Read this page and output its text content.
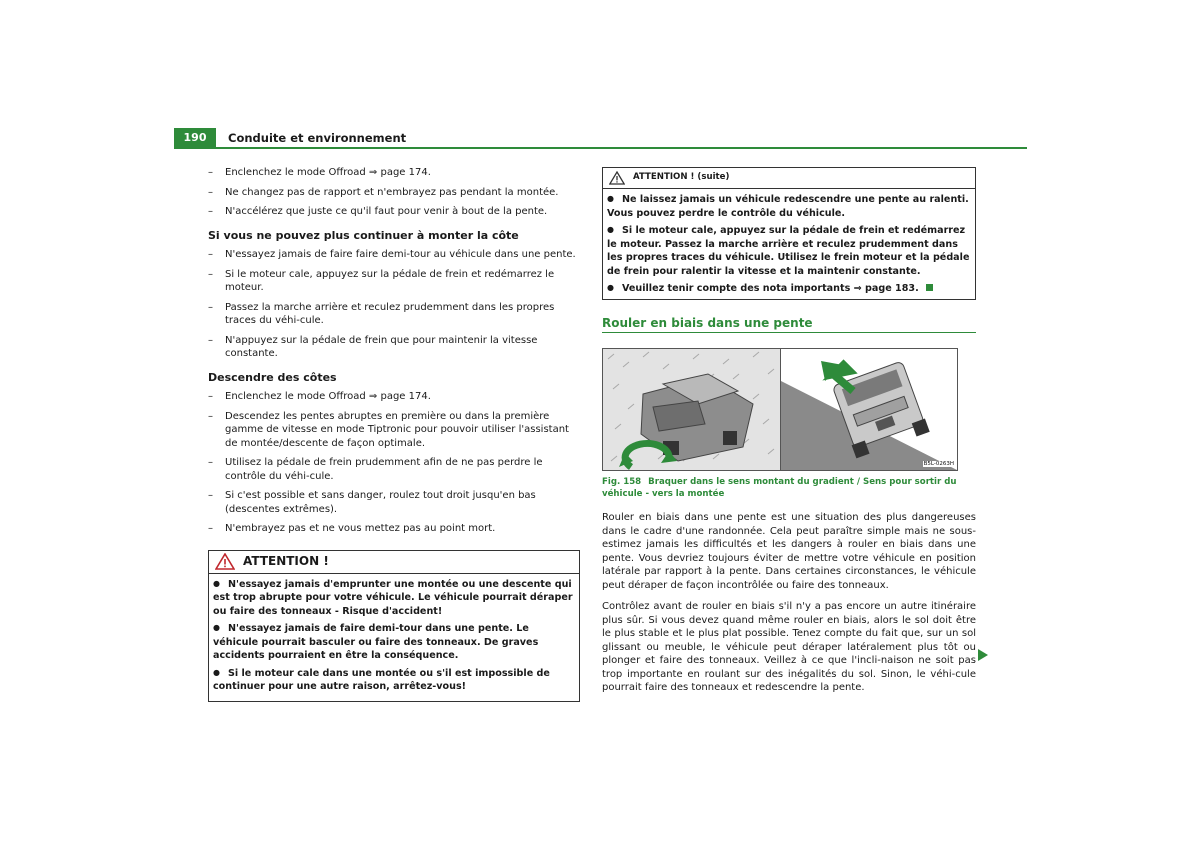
190	Conduite et environnement
– Enclenchez le mode Offroad ⇒ page 174.
– Ne changez pas de rapport et n'embrayez pas pendant la montée.
– N'accélérez que juste ce qu'il faut pour venir à bout de la pente.
Si vous ne pouvez plus continuer à monter la côte
– N'essayez jamais de faire faire demi-tour au véhicule dans une pente.
– Si le moteur cale, appuyez sur la pédale de frein et redémarrez le moteur.
– Passez la marche arrière et reculez prudemment dans les propres traces du véhi-cule.
– N'appuyez sur la pédale de frein que pour maintenir la vitesse constante.
Descendre des côtes
– Enclenchez le mode Offroad ⇒ page 174.
– Descendez les pentes abruptes en première ou dans la première gamme de vitesse en mode Tiptronic pour pouvoir utiliser l'assistant de montée/descente de façon optimale.
– Utilisez la pédale de frein prudemment afin de ne pas perdre le contrôle du véhi-cule.
– Si c'est possible et sans danger, roulez tout droit jusqu'en bas (descentes extrêmes).
– N'embrayez pas et ne vous mettez pas au point mort.
ATTENTION !

● N'essayez jamais d'emprunter une montée ou une descente qui est trop abrupte pour votre véhicule. Le véhicule pourrait déraper ou faire des tonneaux - Risque d'accident!

● N'essayez jamais de faire demi-tour dans une pente. Le véhicule pourrait basculer ou faire des tonneaux. De graves accidents pourraient en être la conséquence.

● Si le moteur cale dans une montée ou s'il est impossible de continuer pour une autre raison, arrêtez-vous!

ATTENTION ! (suite)

● Ne laissez jamais un véhicule redescendre une pente au ralenti. Vous pouvez perdre le contrôle du véhicule.

● Si le moteur cale, appuyez sur la pédale de frein et redémarrez le moteur. Passez la marche arrière et reculez prudemment dans les propres traces du véhicule. Utilisez le frein moteur et la pédale de frein pour ralentir la vitesse et la maintenir constante.

● Veuillez tenir compte des nota importants ⇒ page 183.

Rouler en biais dans une pente
B5L-0263H
Fig. 158 Braquer dans le sens montant du gradient / Sens pour sortir du véhicule - vers la montée

Rouler en biais dans une pente est une situation des plus dangereuses dans le cadre d'une randonnée. Cela peut paraître simple mais ne sous-estimez jamais les difficultés et les dangers à rouler en biais dans une pente. Vous devriez toujours éviter de mettre votre véhicule en position latérale par rapport à la pente. Dans certaines circonstances, le véhicule peut déraper de façon incontrôlée ou faire des tonneaux.

Contrôlez avant de rouler en biais s'il n'y a pas encore un autre itinéraire plus sûr. Si vous devez quand même rouler en biais, alors le sol doit être le plus stable et le plus plat possible. Tenez compte du fait que, sur un sol glissant ou meuble, le véhicule peut déraper latéralement plus tôt ou plonger et faire des tonneaux. Veillez à ce que l'incli-naison ne soit pas trop importante en roulant sur des inégalités du sol. Sinon, le véhi-cule pourrait faire des tonneaux et redescendre la pente.
